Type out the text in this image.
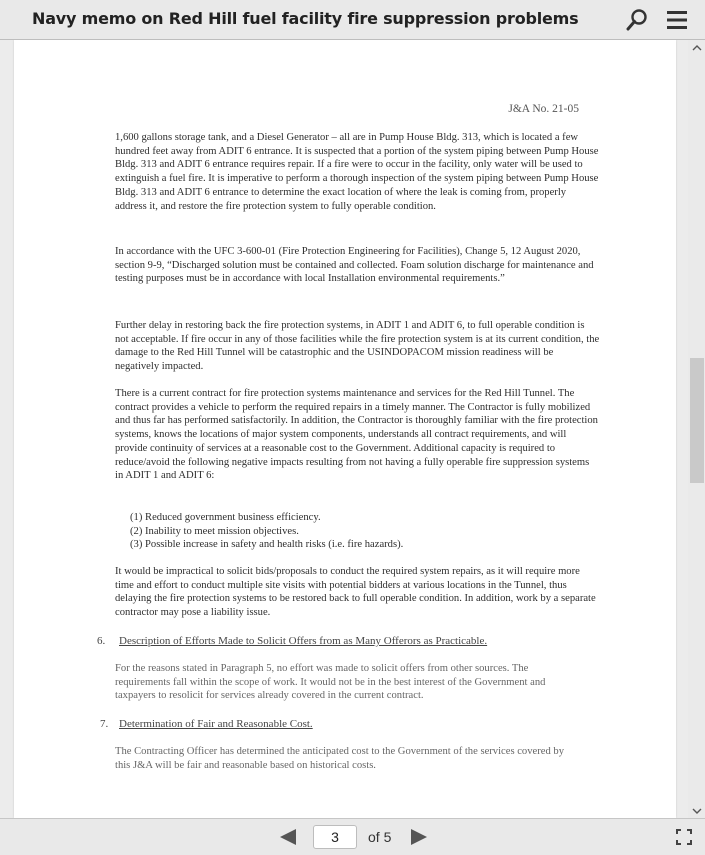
Navy memo on Red Hill fuel facility fire suppression problems
J&A No. 21-05

1,600 gallons storage tank, and a Diesel Generator – all are in Pump House Bldg. 313, which is located a few hundred feet away from ADIT 6 entrance. It is suspected that a portion of the system piping between Pump House Bldg. 313 and ADIT 6 entrance requires repair. If a fire were to occur in the facility, only water will be used to extinguish a fuel fire. It is imperative to perform a thorough inspection of the system piping between Pump House Bldg. 313 and ADIT 6 entrance to determine the exact location of where the leak is coming from, properly address it, and restore the fire protection system to fully operable condition.

In accordance with the UFC 3-600-01 (Fire Protection Engineering for Facilities), Change 5, 12 August 2020, section 9-9, “Discharged solution must be contained and collected. Foam solution discharge for maintenance and testing purposes must be in accordance with local Installation environmental requirements.”

Further delay in restoring back the fire protection systems, in ADIT 1 and ADIT 6, to full operable condition is not acceptable. If fire occur in any of those facilities while the fire protection system is at its current condition, the damage to the Red Hill Tunnel will be catastrophic and the USINDOPACOM mission readiness will be negatively impacted.

There is a current contract for fire protection systems maintenance and services for the Red Hill Tunnel. The contract provides a vehicle to perform the required repairs in a timely manner. The Contractor is fully mobilized and thus far has performed satisfactorily. In addition, the Contractor is thoroughly familiar with the fire protection systems, knows the locations of major system components, understands all contract requirements, and will provide continuity of services at a reasonable cost to the Government. Additional capacity is required to reduce/avoid the following negative impacts resulting from not having a fully operable fire suppression systems in ADIT 1 and ADIT 6:

(1) Reduced government business efficiency.
(2) Inability to meet mission objectives.
(3) Possible increase in safety and health risks (i.e. fire hazards).

It would be impractical to solicit bids/proposals to conduct the required system repairs, as it will require more time and effort to conduct multiple site visits with potential bidders at various locations in the Tunnel, thus delaying the fire protection systems to be restored back to full operable condition. In addition, work by a separate contractor may pose a liability issue.

6. Description of Efforts Made to Solicit Offers from as Many Offerors as Practicable.

For the reasons stated in Paragraph 5, no effort was made to solicit offers from other sources. The requirements fall within the scope of work. It would not be in the best interest of the Government and taxpayers to resolicit for services already covered in the current contract.

7. Determination of Fair and Reasonable Cost.

The Contracting Officer has determined the anticipated cost to the Government of the services covered by this J&A will be fair and reasonable based on historical costs.

3
of 5
